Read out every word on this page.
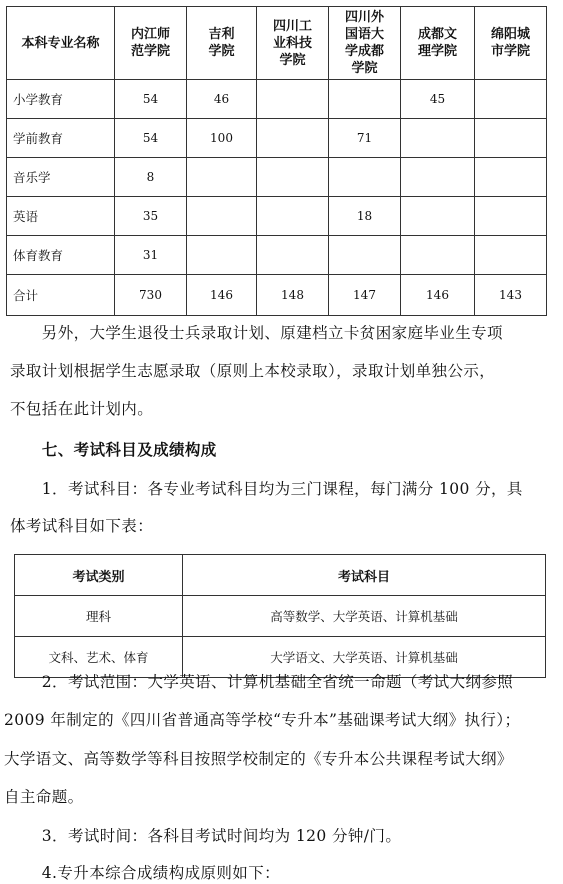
本科专业名称	内江师范学院	吉利学院	四川工业科技学院	四川外国语大学成都学院	成都文理学院	绵阳城市学院

小学教育	54	46			45	
学前教育	54	100		71		
音乐学	8					
英语	35			18		
体育教育	31					
合计	730	146	148	147	146	143
　　另外，大学生退役士兵录取计划、原建档立卡贫困家庭毕业生专项
录取计划根据学生志愿录取（原则上本校录取），录取计划单独公示，
不包括在此计划内。
　　七、考试科目及成绩构成
　　1．考试科目：各专业考试科目均为三门课程，每门满分 100 分，具
体考试科目如下表：
考试类别	考试科目
理科	高等数学、大学英语、计算机基础
文科、艺术、体育	大学语文、大学英语、计算机基础
　　2．考试范围：大学英语、计算机基础全省统一命题（考试大纲参照
2009 年制定的《四川省普通高等学校“专升本”基础课考试大纲》执行）；
大学语文、高等数学等科目按照学校制定的《专升本公共课程考试大纲》
自主命题。
　　3．考试时间：各科目考试时间均为 120 分钟/门。
　　4.专升本综合成绩构成原则如下：
